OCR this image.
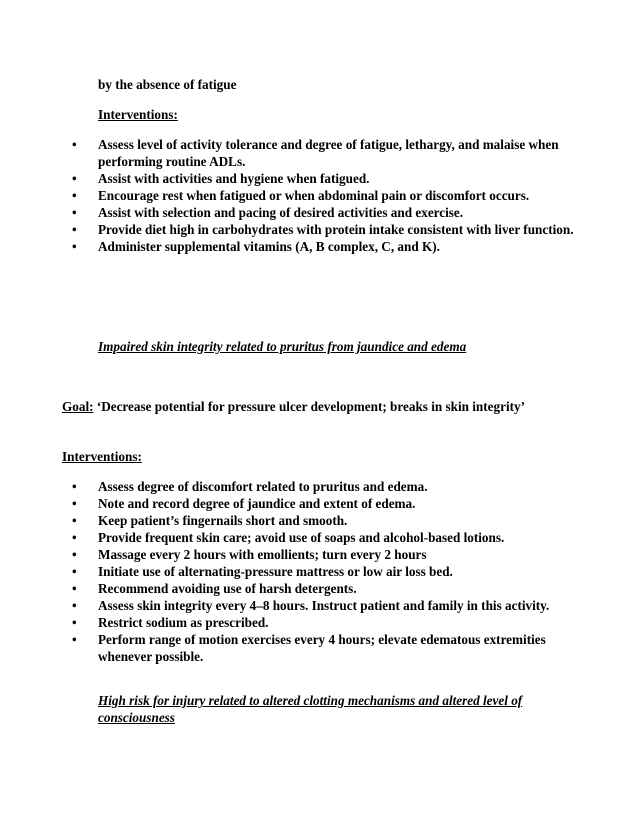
by the absence of fatigue
Interventions:
• Assess level of activity tolerance and degree of fatigue, lethargy, and malaise when performing routine ADLs.
• Assist with activities and hygiene when fatigued.
• Encourage rest when fatigued or when abdominal pain or discomfort occurs.
• Assist with selection and pacing of desired activities and exercise.
• Provide diet high in carbohydrates with protein intake consistent with liver function.
• Administer supplemental vitamins (A, B complex, C, and K).
Impaired skin integrity related to pruritus from jaundice and edema
Goal: ‘Decrease potential for pressure ulcer development; breaks in skin integrity’
Interventions:
• Assess degree of discomfort related to pruritus and edema.
• Note and record degree of jaundice and extent of edema.
• Keep patient’s fingernails short and smooth.
• Provide frequent skin care; avoid use of soaps and alcohol-based lotions.
• Massage every 2 hours with emollients; turn every 2 hours
• Initiate use of alternating-pressure mattress or low air loss bed.
• Recommend avoiding use of harsh detergents.
• Assess skin integrity every 4–8 hours. Instruct patient and family in this activity.
• Restrict sodium as prescribed.
• Perform range of motion exercises every 4 hours; elevate edematous extremities whenever possible.
High risk for injury related to altered clotting mechanisms and altered level of consciousness
